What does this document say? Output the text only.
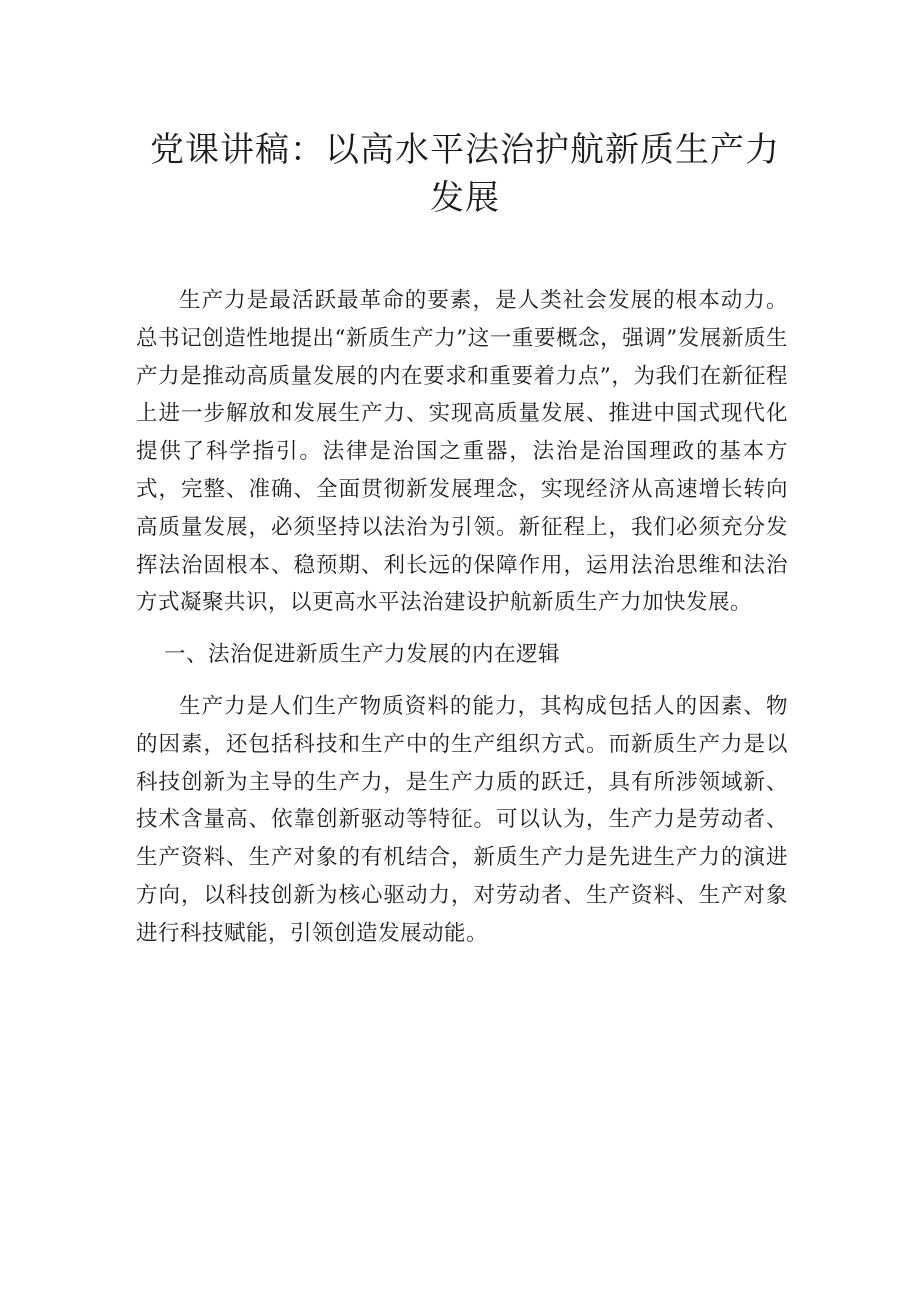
党课讲稿：以高水平法治护航新质生产力发展

生产力是最活跃最革命的要素，是人类社会发展的根本动力。总书记创造性地提出“新质生产力”这一重要概念，强调”发展新质生产力是推动高质量发展的内在要求和重要着力点”，为我们在新征程上进一步解放和发展生产力、实现高质量发展、推进中国式现代化提供了科学指引。法律是治国之重器，法治是治国理政的基本方式，完整、准确、全面贯彻新发展理念，实现经济从高速增长转向高质量发展，必须坚持以法治为引领。新征程上，我们必须充分发挥法治固根本、稳预期、利长远的保障作用，运用法治思维和法治方式凝聚共识，以更高水平法治建设护航新质生产力加快发展。

一、法治促进新质生产力发展的内在逻辑

生产力是人们生产物质资料的能力，其构成包括人的因素、物的因素，还包括科技和生产中的生产组织方式。而新质生产力是以科技创新为主导的生产力，是生产力质的跃迁，具有所涉领域新、技术含量高、依靠创新驱动等特征。可以认为，生产力是劳动者、生产资料、生产对象的有机结合，新质生产力是先进生产力的演进方向，以科技创新为核心驱动力，对劳动者、生产资料、生产对象进行科技赋能，引领创造发展动能。
